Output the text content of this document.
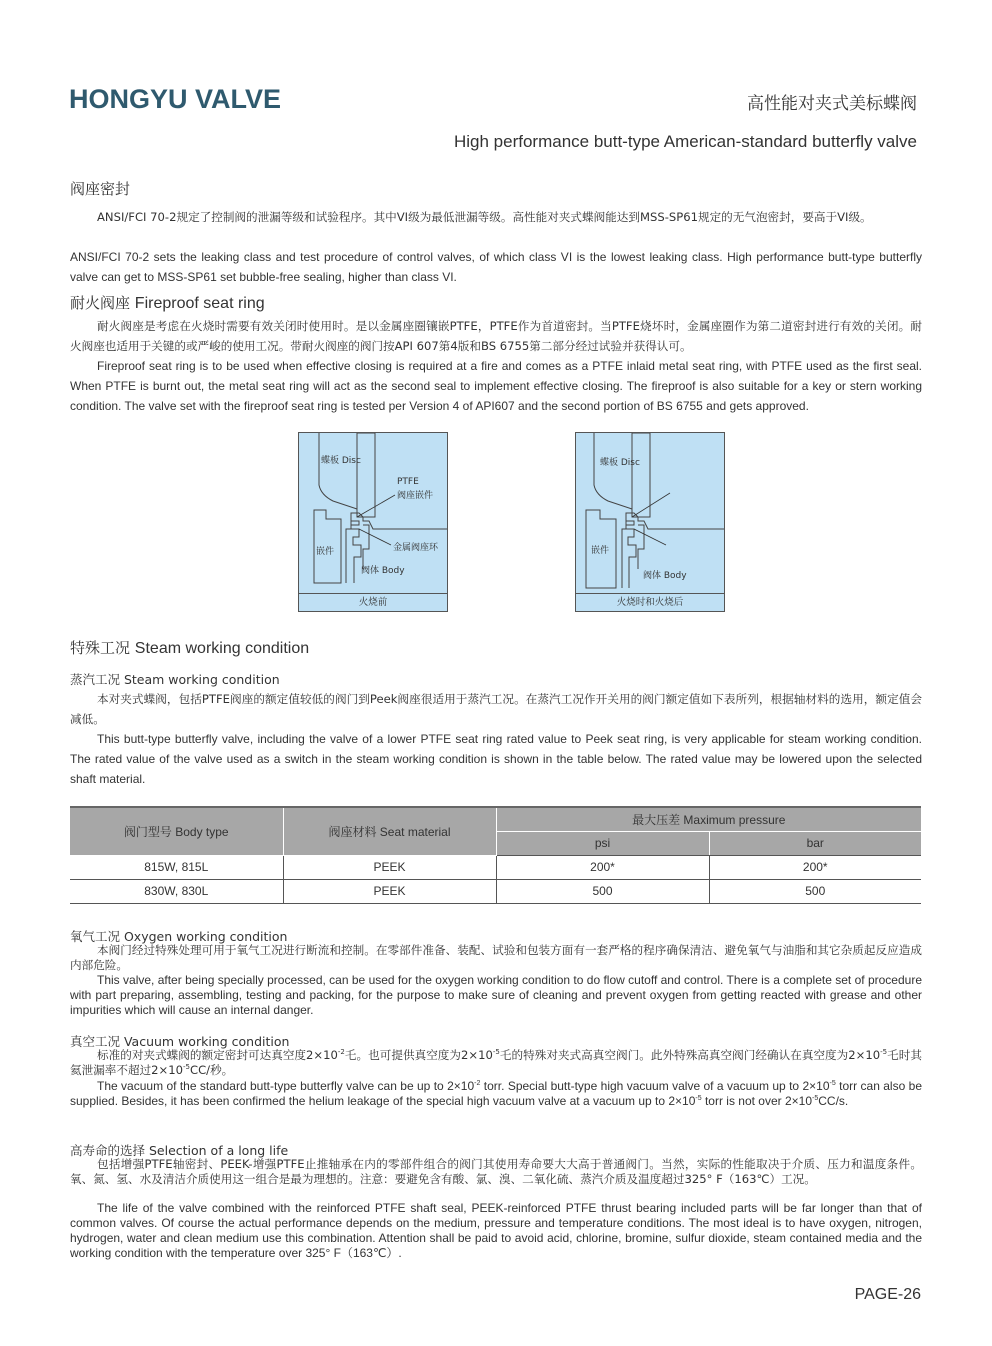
HONGYU VALVE	高性能对夹式美标蝶阀
High performance butt-type American-standard butterfly valve
阀座密封
ANSI/FCI 70-2规定了控制阀的泄漏等级和试验程序。其中VI级为最低泄漏等级。高性能对夹式蝶阀能达到MSS-SP61规定的无气泡密封，要高于VI级。
ANSI/FCI 70-2 sets the leaking class and test procedure of control valves, of which class VI is the lowest leaking class. High performance butt-type butterfly valve can get to MSS-SP61 set bubble-free sealing, higher than class VI.
耐火阀座 Fireproof seat ring
耐火阀座是考虑在火烧时需要有效关闭时使用时。是以金属座圈镶嵌PTFE，PTFE作为首道密封。当PTFE烧坏时，金属座圈作为第二道密封进行有效的关闭。耐火阀座也适用于关键的或严峻的使用工况。带耐火阀座的阀门按API 607第4版和BS 6755第二部分经过试验并获得认可。
Fireproof seat ring is to be used when effective closing is required at a fire and comes as a PTFE inlaid metal seat ring, with PTFE used as the first seal. When PTFE is burnt out, the metal seat ring will act as the second seal to implement effective closing. The fireproof is also suitable for a key or stern working condition. The valve set with the fireproof seat ring is tested per Version 4 of API607 and the second portion of BS 6755 and gets approved.
蝶板 Disc
PTFE
阀座嵌件
金属阀座环
嵌件
阀体 Body
火烧前
蝶板 Disc
嵌件
阀体 Body
火烧时和火烧后
特殊工况 Steam working condition
蒸汽工况 Steam working condition
本对夹式蝶阀，包括PTFE阀座的额定值较低的阀门到Peek阀座很适用于蒸汽工况。在蒸汽工况作开关用的阀门额定值如下表所列，根据轴材料的选用，额定值会减低。
This butt-type butterfly valve, including the valve of a lower PTFE seat ring rated value to Peek seat ring, is very applicable for steam working condition. The rated value of the valve used as a switch in the steam working condition is shown in the table below. The rated value may be lowered upon the selected shaft material.
阀门型号 Body type	阀座材料 Seat material	最大压差 Maximum pressure	
		psi	bar
815W, 815L	PEEK	200*	200*
830W, 830L	PEEK	500	500
氧气工况 Oxygen working condition
本阀门经过特殊处理可用于氧气工况进行断流和控制。在零部件准备、装配、试验和包装方面有一套严格的程序确保清洁、避免氧气与油脂和其它杂质起反应造成内部危险。
This valve, after being specially processed, can be used for the oxygen working condition to do flow cutoff and control. There is a complete set of procedure with part preparing, assembling, testing and packing, for the purpose to make sure of cleaning and prevent oxygen from getting reacted with grease and other impurities which will cause an internal danger.
真空工况 Vacuum working condition
标准的对夹式蝶阀的额定密封可达真空度$2\times 10^{-2}$乇。也可提供真空度为$2\times 10^{-5}$乇的特殊对夹式高真空阀门。此外特殊高真空阀门经确认在真空度为$2\times 10^{-5}$乇时其氦泄漏率不超过$2\times 10^{-5}CC/$秒。
The vacuum of the standard butt-type butterfly valve can be up to $2\times 10^{-2}$ torr. Special butt-type high vacuum valve of a vacuum up to $2\times 10^{-5}$ torr can also be supplied. Besides, it has been confirmed the helium leakage of the special high vacuum valve at a vacuum up to $2\times 10^{-5}$ torr is not over $2\times 10^{-5}CC/s$.
高寿命的选择 Selection of a long life
包括增强PTFE轴密封、PEEK-增强PTFE止推轴承在内的零部件组合的阀门其使用寿命要大大高于普通阀门。当然，实际的性能取决于介质、压力和温度条件。氧、氮、氢、水及清洁介质使用这一组合是最为理想的。注意：要避免含有酸、氯、溴、二氧化硫、蒸汽介质及温度超过325° F（163℃）工况。
The life of the valve combined with the reinforced PTFE shaft seal, PEEK-reinforced PTFE thrust bearing included parts will be far longer than that of common valves. Of course the actual performance depends on the medium, pressure and temperature conditions. The most ideal is to have oxygen, nitrogen, hydrogen, water and clean medium use this combination. Attention shall be paid to avoid acid, chlorine, bromine, sulfur dioxide, steam contained media and the working condition with the temperature over 325° F（163℃）.
PAGE-26
